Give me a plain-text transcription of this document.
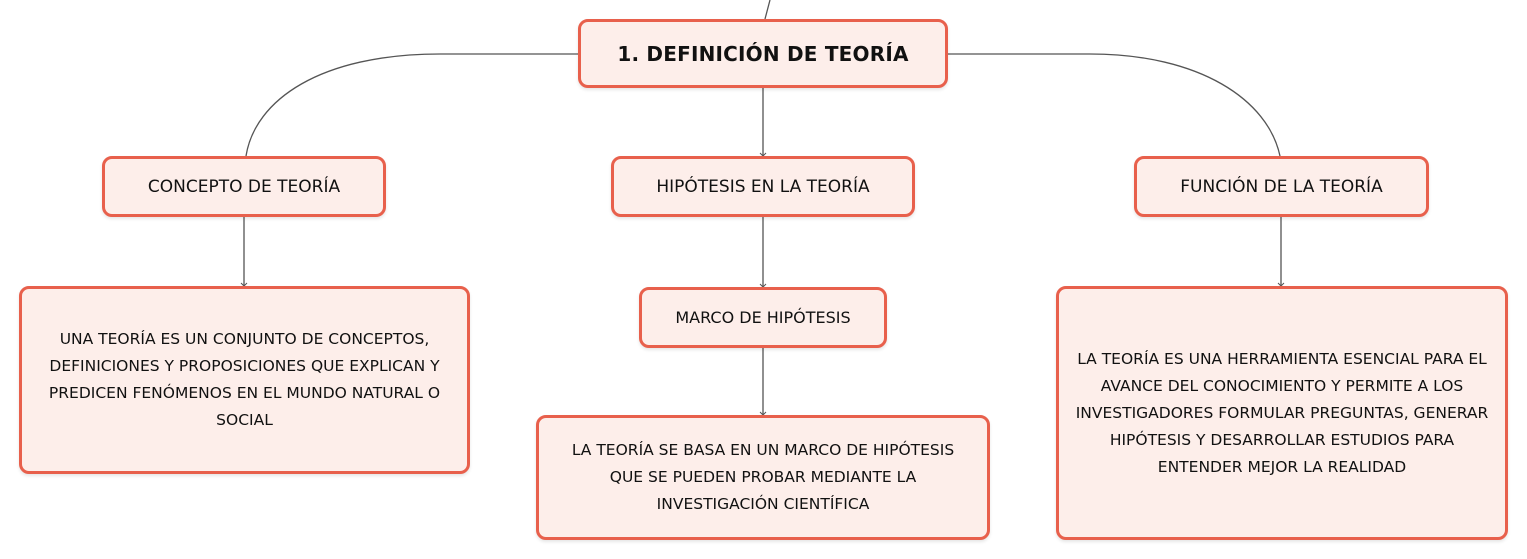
1. DEFINICIÓN DE TEORÍA
CONCEPTO DE TEORÍA	HIPÓTESIS EN LA TEORÍA	FUNCIÓN DE LA TEORÍA
MARCO DE HIPÓTESIS
UNA TEORÍA ES UN CONJUNTO DE CONCEPTOS, DEFINICIONES Y PROPOSICIONES QUE EXPLICAN Y PREDICEN FENÓMENOS EN EL MUNDO NATURAL O SOCIAL
LA TEORÍA SE BASA EN UN MARCO DE HIPÓTESIS QUE SE PUEDEN PROBAR MEDIANTE LA INVESTIGACIÓN CIENTÍFICA
LA TEORÍA ES UNA HERRAMIENTA ESENCIAL PARA EL AVANCE DEL CONOCIMIENTO Y PERMITE A LOS INVESTIGADORES FORMULAR PREGUNTAS, GENERAR HIPÓTESIS Y DESARROLLAR ESTUDIOS PARA ENTENDER MEJOR LA REALIDAD
